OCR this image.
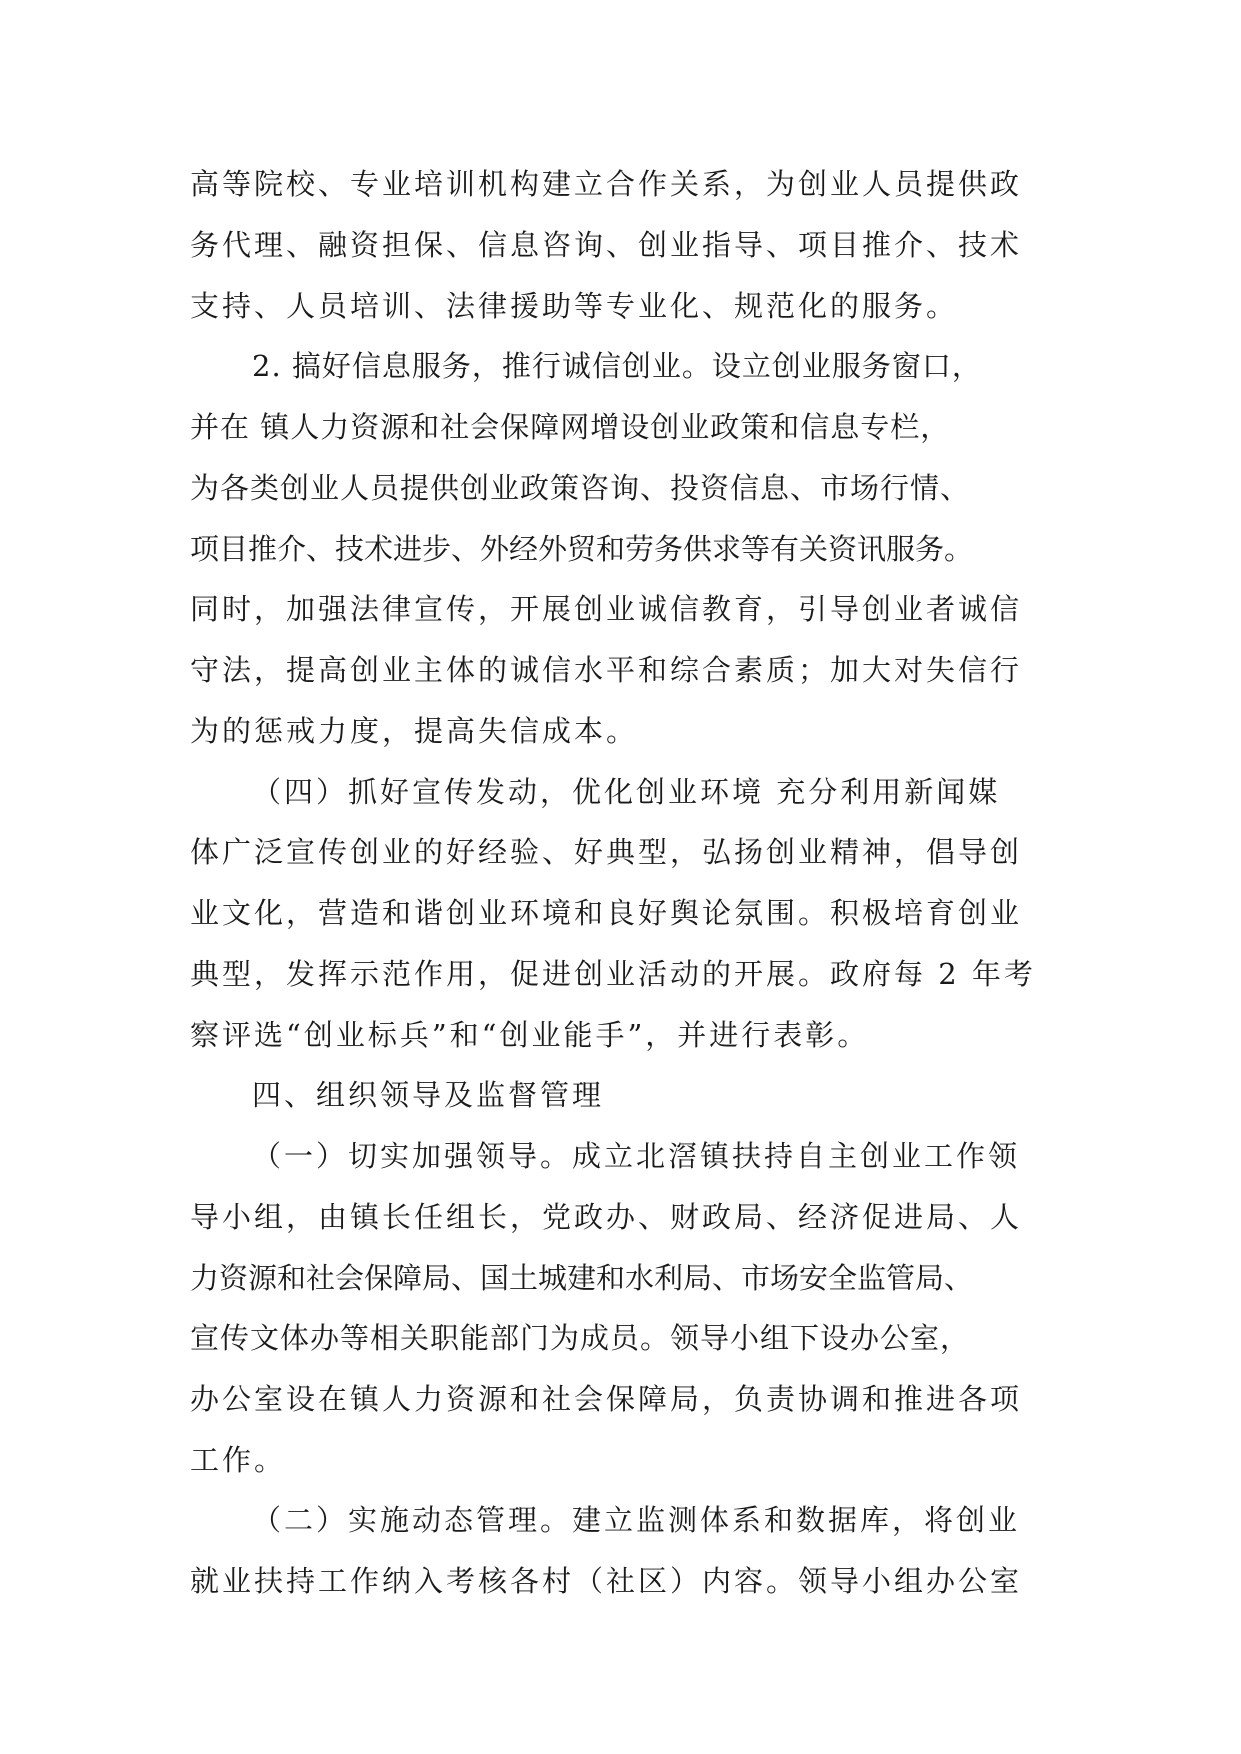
高等院校、专业培训机构建立合作关系，为创业人员提供政
务代理、融资担保、信息咨询、创业指导、项目推介、技术
支持、人员培训、法律援助等专业化、规范化的服务。
2. 搞好信息服务，推行诚信创业。设立创业服务窗口，
并在 镇人力资源和社会保障网增设创业政策和信息专栏，
为各类创业人员提供创业政策咨询、投资信息、市场行情、
项目推介、技术进步、外经外贸和劳务供求等有关资讯服务。
同时，加强法律宣传，开展创业诚信教育，引导创业者诚信
守法，提高创业主体的诚信水平和综合素质；加大对失信行
为的惩戒力度，提高失信成本。
（四）抓好宣传发动，优化创业环境 充分利用新闻媒
体广泛宣传创业的好经验、好典型，弘扬创业精神，倡导创
业文化，营造和谐创业环境和良好舆论氛围。积极培育创业
典型，发挥示范作用，促进创业活动的开展。政府每 2 年考
察评选“创业标兵”和“创业能手”，并进行表彰。
四、组织领导及监督管理
（一）切实加强领导。成立北滘镇扶持自主创业工作领
导小组，由镇长任组长，党政办、财政局、经济促进局、人
力资源和社会保障局、国土城建和水利局、市场安全监管局、
宣传文体办等相关职能部门为成员。领导小组下设办公室，
办公室设在镇人力资源和社会保障局，负责协调和推进各项
工作。
（二）实施动态管理。建立监测体系和数据库，将创业
就业扶持工作纳入考核各村（社区）内容。领导小组办公室
